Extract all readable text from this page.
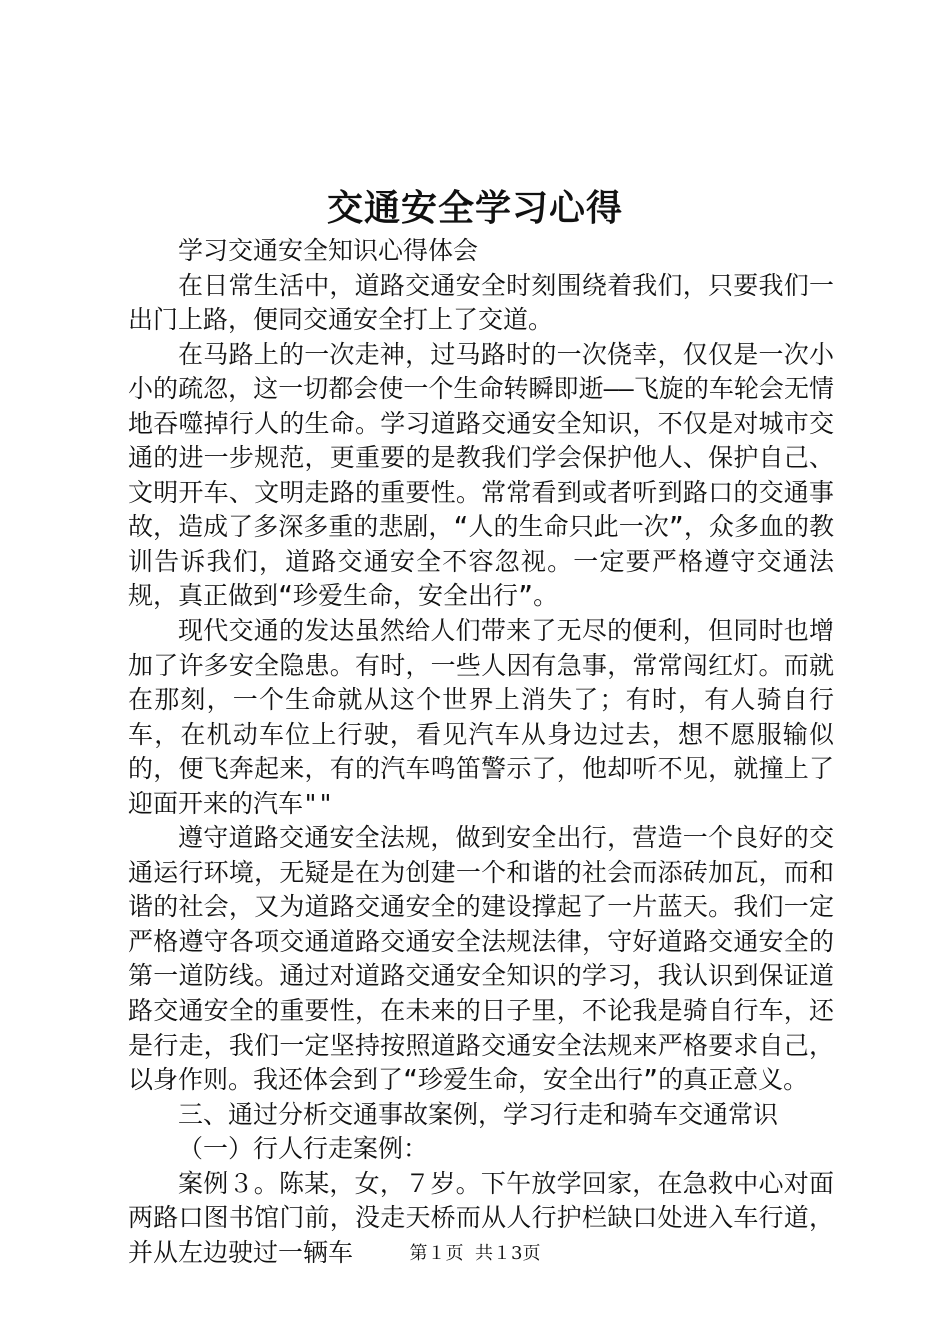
交通安全学习心得

学习交通安全知识心得体会

在日常生活中，道路交通安全时刻围绕着我们，只要我们一出门上路，便同交通安全打上了交道。

在马路上的一次走神，过马路时的一次侥幸，仅仅是一次小小的疏忽，这一切都会使一个生命转瞬即逝——飞旋的车轮会无情地吞噬掉行人的生命。学习道路交通安全知识，不仅是对城市交通的进一步规范，更重要的是教我们学会保护他人、保护自己、文明开车、文明走路的重要性。常常看到或者听到路口的交通事故，造成了多深多重的悲剧，“人的生命只此一次”，众多血的教训告诉我们，道路交通安全不容忽视。一定要严格遵守交通法规，真正做到“珍爱生命，安全出行”。

现代交通的发达虽然给人们带来了无尽的便利，但同时也增加了许多安全隐患。有时，一些人因有急事，常常闯红灯。而就在那刻，一个生命就从这个世界上消失了；有时，有人骑自行车，在机动车位上行驶，看见汽车从身边过去，想不愿服输似的，便飞奔起来，有的汽车鸣笛警示了，他却听不见，就撞上了迎面开来的汽车""

遵守道路交通安全法规，做到安全出行，营造一个良好的交通运行环境，无疑是在为创建一个和谐的社会而添砖加瓦，而和谐的社会，又为道路交通安全的建设撑起了一片蓝天。我们一定严格遵守各项交通道路交通安全法规法律，守好道路交通安全的第一道防线。通过对道路交通安全知识的学习，我认识到保证道路交通安全的重要性，在未来的日子里，不论我是骑自行车，还是行走，我们一定坚持按照道路交通安全法规来严格要求自己，以身作则。我还体会到了“珍爱生命，安全出行”的真正意义。

三、通过分析交通事故案例，学习行走和骑车交通常识

（一）行人行走案例：

案例３。陈某，女，７岁。下午放学回家，在急救中心对面两路口图书馆门前，没走天桥而从人行护栏缺口处进入车行道，并从左边驶过一辆车	第１页  共１3页
